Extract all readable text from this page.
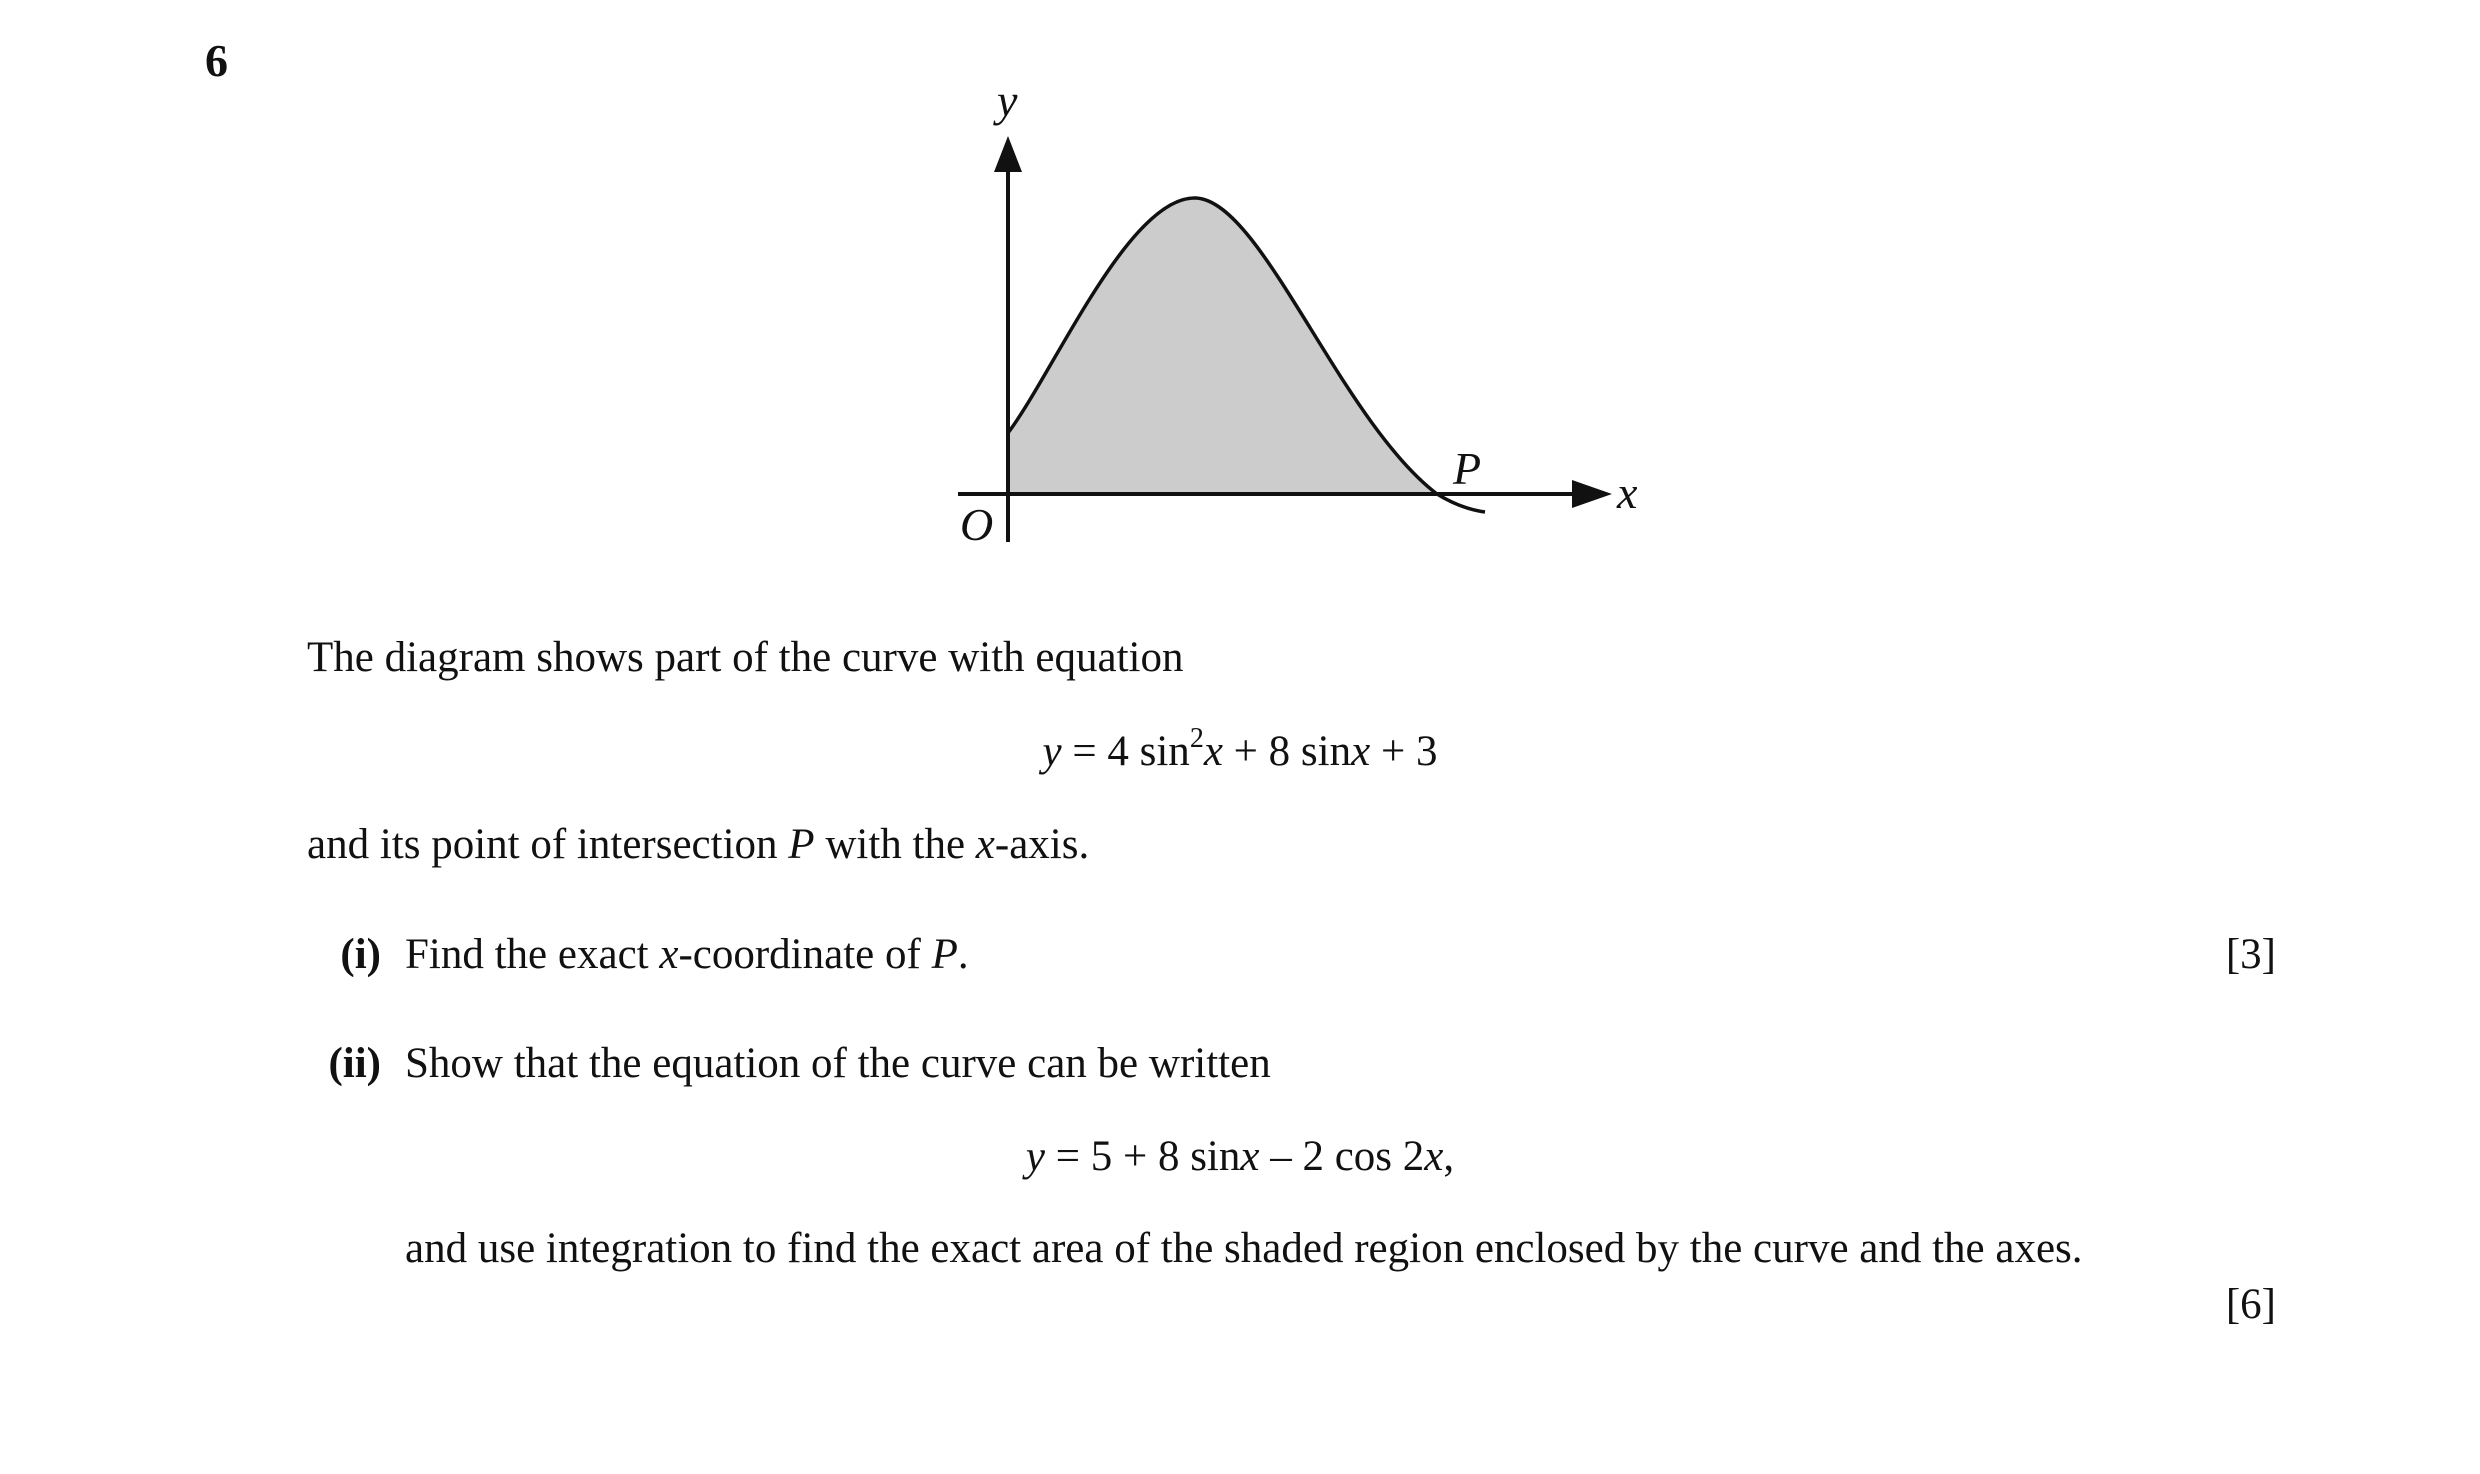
6
y
x
O
P
The diagram shows part of the curve with equation
y = 4 $\sin^2x + 8$ sinx + 3
and its point of intersection P with the x-axis.
(i) Find the exact x-coordinate of P.	[3]
(ii) Show that the equation of the curve can be written
y = 5 + 8 sinx – 2 cos 2x,
and use integration to find the exact area of the shaded region enclosed by the curve and the axes.
[6]
